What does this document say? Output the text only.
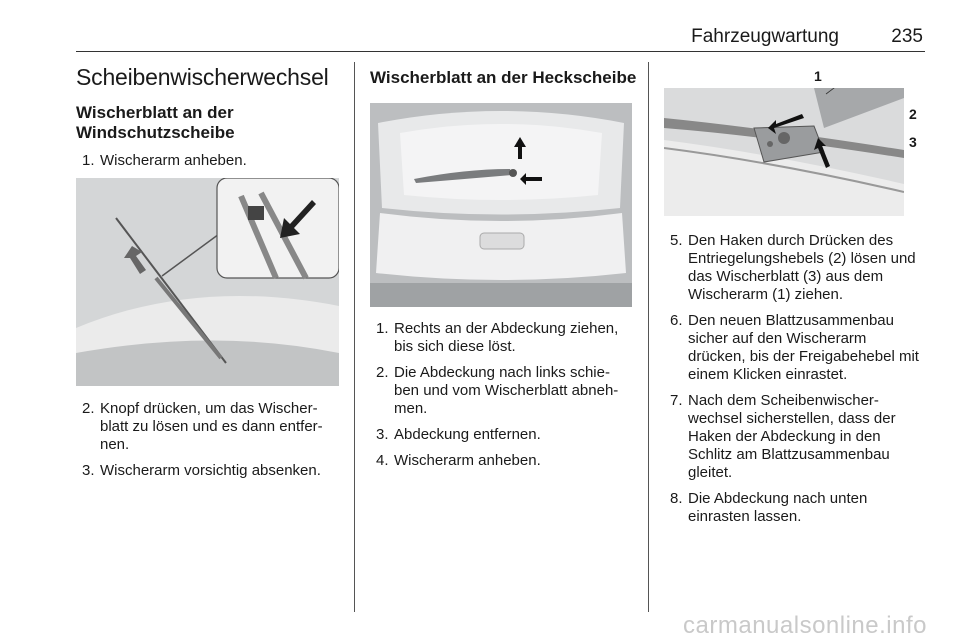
Fahrzeugwartung	235
Scheibenwischerwechsel
Wischerblatt an der Windschutzscheibe
1. Wischerarm anheben.
2. Knopf drücken, um das Wischer-blatt zu lösen und es dann entfer-nen.
3. Wischerarm vorsichtig absenken.
Wischerblatt an der Heckscheibe
1. Rechts an der Abdeckung ziehen, bis sich diese löst.
2. Die Abdeckung nach links schie-ben und vom Wischerblatt abneh-men.
3. Abdeckung entfernen.
4. Wischerarm anheben.
1
2
3
5. Den Haken durch Drücken des Entriegelungshebels (2) lösen und das Wischerblatt (3) aus dem Wischerarm (1) ziehen.
6. Den neuen Blattzusammenbau sicher auf den Wischerarm drücken, bis der Freigabehebel mit einem Klicken einrastet.
7. Nach dem Scheibenwischer-wechsel sicherstellen, dass der Haken der Abdeckung in den Schlitz am Blattzusammenbau gleitet.
8. Die Abdeckung nach unten einrasten lassen.
carmanualsonline.info
